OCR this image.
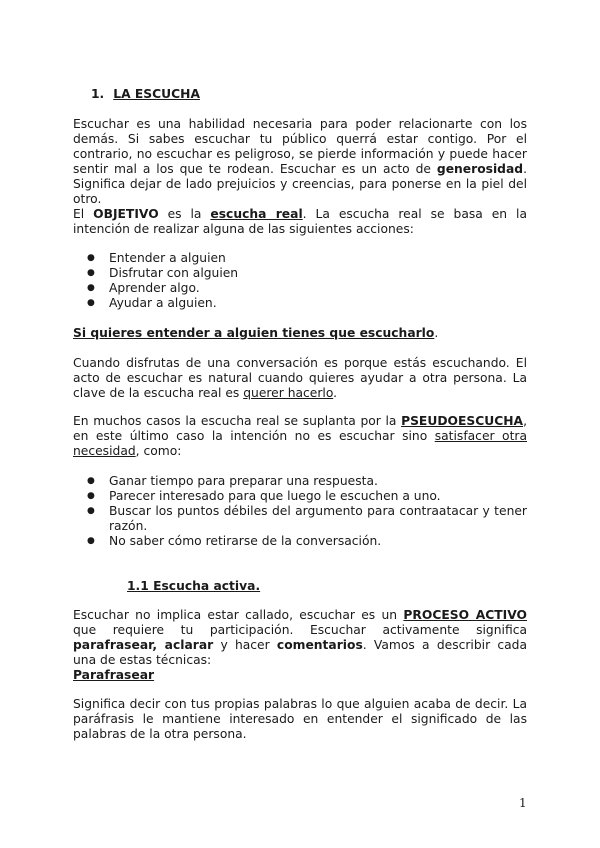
1. LA ESCUCHA

Escuchar es una habilidad necesaria para poder relacionarte con los demás. Si sabes escuchar tu público querrá estar contigo. Por el contrario, no escuchar es peligroso, se pierde información y puede hacer sentir mal a los que te rodean. Escuchar es un acto de generosidad. Significa dejar de lado prejuicios y creencias, para ponerse en la piel del otro.

El OBJETIVO es la escucha real. La escucha real se basa en la intención de realizar alguna de las siguientes acciones:

● Entender a alguien
● Disfrutar con alguien
● Aprender algo.
● Ayudar a alguien.

Si quieres entender a alguien tienes que escucharlo.

Cuando disfrutas de una conversación es porque estás escuchando. El acto de escuchar es natural cuando quieres ayudar a otra persona. La clave de la escucha real es querer hacerlo.

En muchos casos la escucha real se suplanta por la PSEUDOESCUCHA, en este último caso la intención no es escuchar sino satisfacer otra necesidad, como:

● Ganar tiempo para preparar una respuesta.
● Parecer interesado para que luego le escuchen a uno.
● Buscar los puntos débiles del argumento para contraatacar y tener razón.
● No saber cómo retirarse de la conversación.
1.1 Escucha activa.

Escuchar no implica estar callado, escuchar es un PROCESO ACTIVO que requiere tu participación. Escuchar activamente significa parafrasear, aclarar y hacer comentarios. Vamos a describir cada una de estas técnicas:

Parafrasear

Significa decir con tus propias palabras lo que alguien acaba de decir. La paráfrasis le mantiene interesado en entender el significado de las palabras de la otra persona.

1
